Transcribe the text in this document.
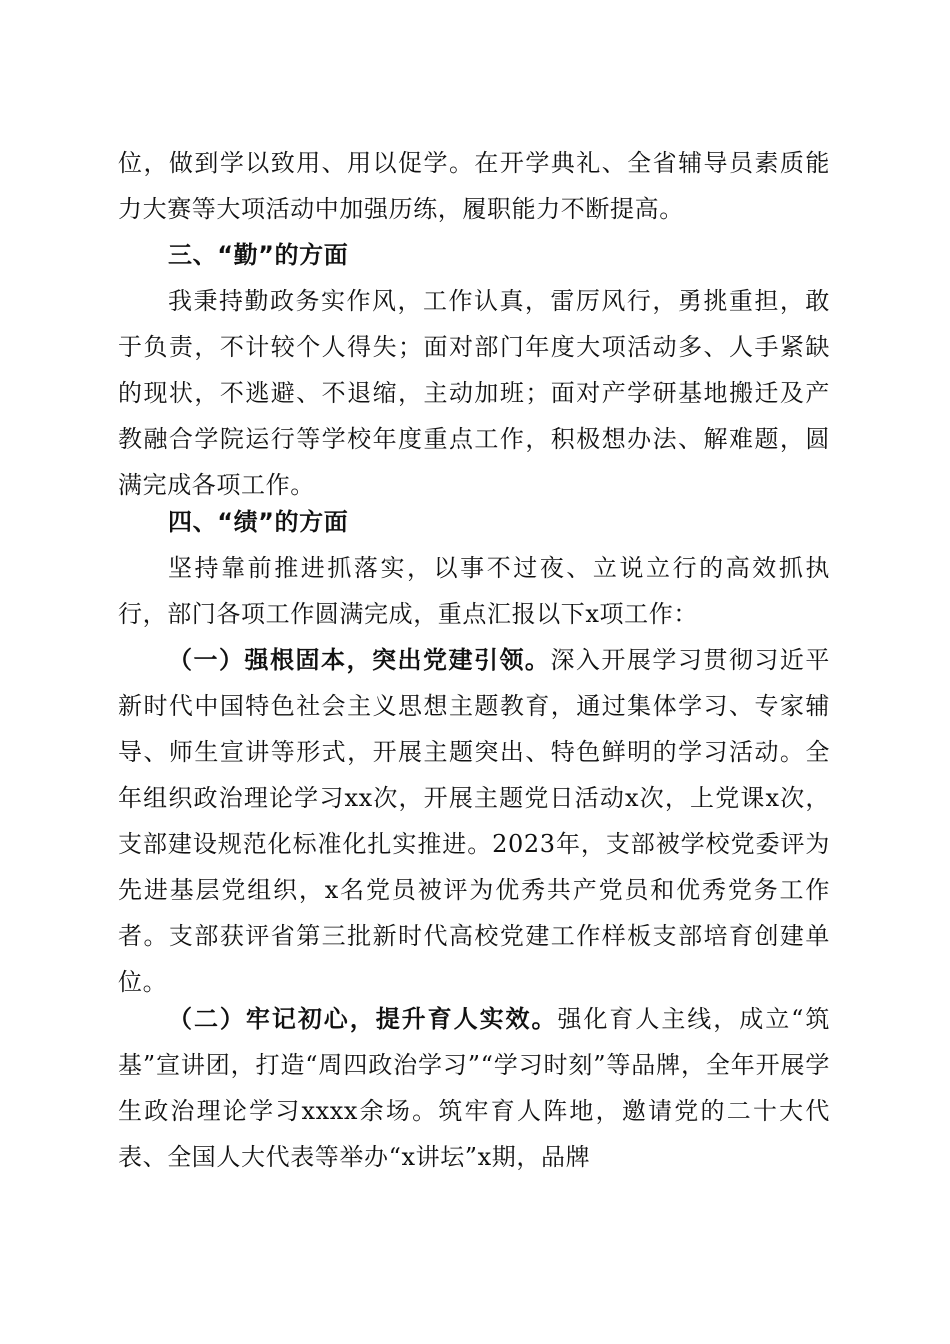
位，做到学以致用、用以促学。在开学典礼、全省辅导员素质能力大赛等大项活动中加强历练，履职能力不断提高。
三、“勤”的方面
我秉持勤政务实作风，工作认真，雷厉风行，勇挑重担，敢于负责，不计较个人得失；面对部门年度大项活动多、人手紧缺的现状，不逃避、不退缩，主动加班；面对产学研基地搬迁及产教融合学院运行等学校年度重点工作，积极想办法、解难题，圆满完成各项工作。
四、“绩”的方面
坚持靠前推进抓落实，以事不过夜、立说立行的高效抓执行，部门各项工作圆满完成，重点汇报以下x项工作：
（一）强根固本，突出党建引领。深入开展学习贯彻习近平新时代中国特色社会主义思想主题教育，通过集体学习、专家辅导、师生宣讲等形式，开展主题突出、特色鲜明的学习活动。全年组织政治理论学习xx次，开展主题党日活动x次，上党课x次，支部建设规范化标准化扎实推进。2023年，支部被学校党委评为先进基层党组织，x名党员被评为优秀共产党员和优秀党务工作者。支部获评省第三批新时代高校党建工作样板支部培育创建单位。
（二）牢记初心，提升育人实效。强化育人主线，成立“筑基”宣讲团，打造“周四政治学习”“学习时刻”等品牌，全年开展学生政治理论学习xxxx余场。筑牢育人阵地，邀请党的二十大代表、全国人大代表等举办“x讲坛”x期，品牌
